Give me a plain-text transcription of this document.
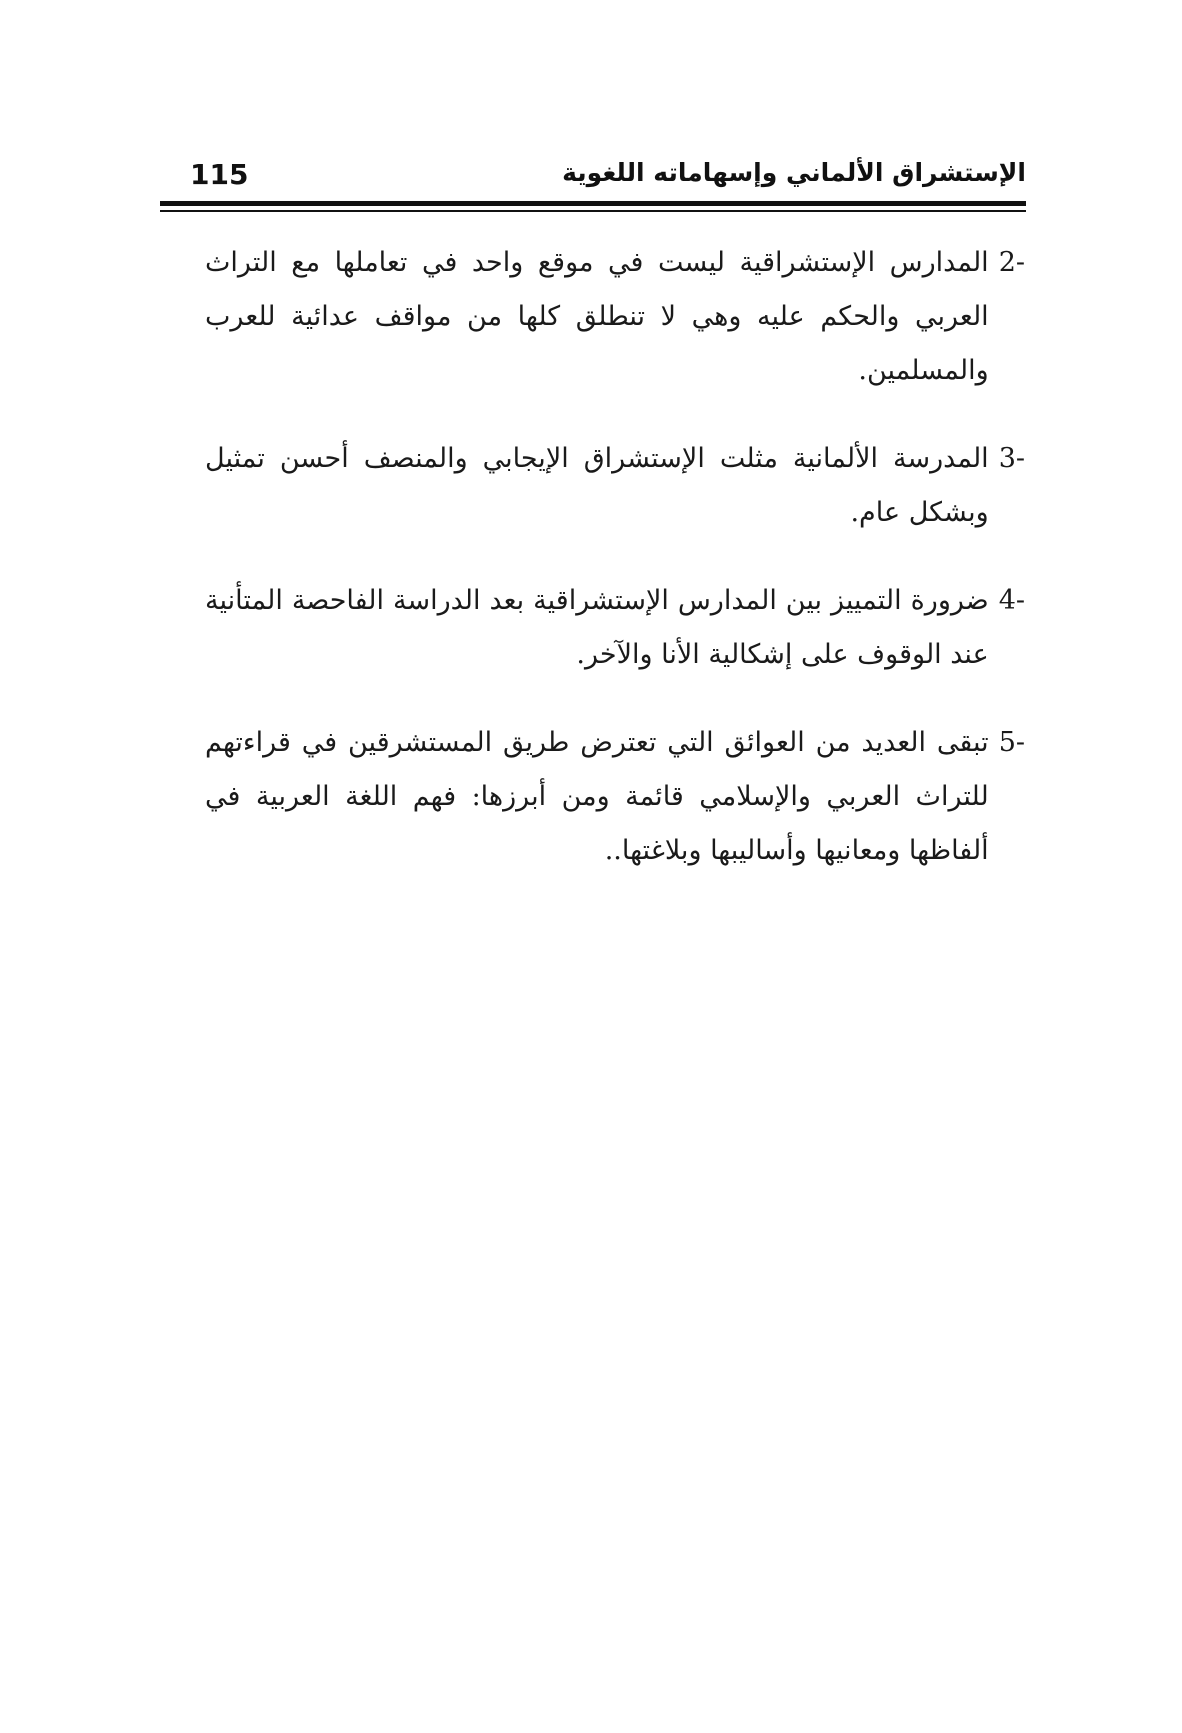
115	الإستشراق الألماني وإسهاماته اللغوية
2-
المدارس الإستشراقية ليست في موقع واحد في تعاملها مع التراث العربي والحكم عليه وهي لا تنطلق كلها من مواقف عدائية للعرب والمسلمين.
3-
المدرسة الألمانية مثلت الإستشراق الإيجابي والمنصف أحسن تمثيل وبشكل عام.
4-
ضرورة التمييز بين المدارس الإستشراقية بعد الدراسة الفاحصة المتأنية عند الوقوف على إشكالية الأنا والآخر.
5-
تبقى العديد من العوائق التي تعترض طريق المستشرقين في قراءتهم للتراث العربي والإسلامي قائمة ومن أبرزها: فهم اللغة العربية في ألفاظها ومعانيها وأساليبها وبلاغتها..
